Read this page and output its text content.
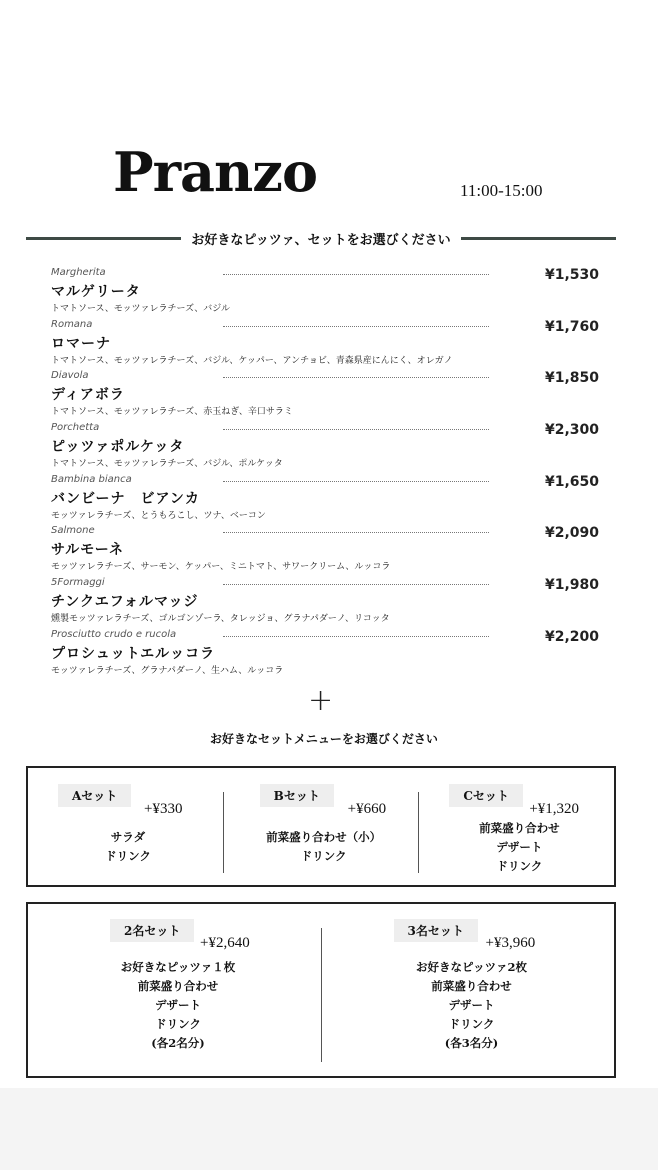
Pranzo	11:00-15:00
お好きなピッツァ、セットをお選びください
Margherita
マルゲリータ
トマトソース、モッツァレラチーズ、バジル
¥1,530
Romana
ロマーナ
トマトソース、モッツァレラチーズ、バジル、ケッパー、アンチョビ、青森県産にんにく、オレガノ
¥1,760
Diavola
ディアボラ
トマトソース、モッツァレラチーズ、赤玉ねぎ、辛口サラミ
¥1,850
Porchetta
ピッツァポルケッタ
トマトソース、モッツァレラチーズ、バジル、ポルケッタ
¥2,300
Bambina bianca
バンビーナ　ビアンカ
モッツァレラチーズ、とうもろこし、ツナ、ベーコン
¥1,650
Salmone
サルモーネ
モッツァレラチーズ、サーモン、ケッパー、ミニトマト、サワークリーム、ルッコラ
¥2,090
5Formaggi
チンクエフォルマッジ
燻製モッツァレラチーズ、ゴルゴンゾーラ、タレッジョ、グラナパダーノ、リコッタ
¥1,980
Prosciutto crudo e rucola
プロシュットエルッコラ
モッツァレラチーズ、グラナパダーノ、生ハム、ルッコラ
¥2,200
+
お好きなセットメニューをお選びください
Aセット
+¥330
サラダ
ドリンク
Bセット
+¥660
前菜盛り合わせ（小）
ドリンク
Cセット
+¥1,320
前菜盛り合わせ
デザート
ドリンク
2名セット
+¥2,640
お好きなピッツァ１枚
前菜盛り合わせ
デザート
ドリンク
(各2名分)
3名セット
+¥3,960
お好きなピッツァ2枚
前菜盛り合わせ
デザート
ドリンク
(各3名分)
